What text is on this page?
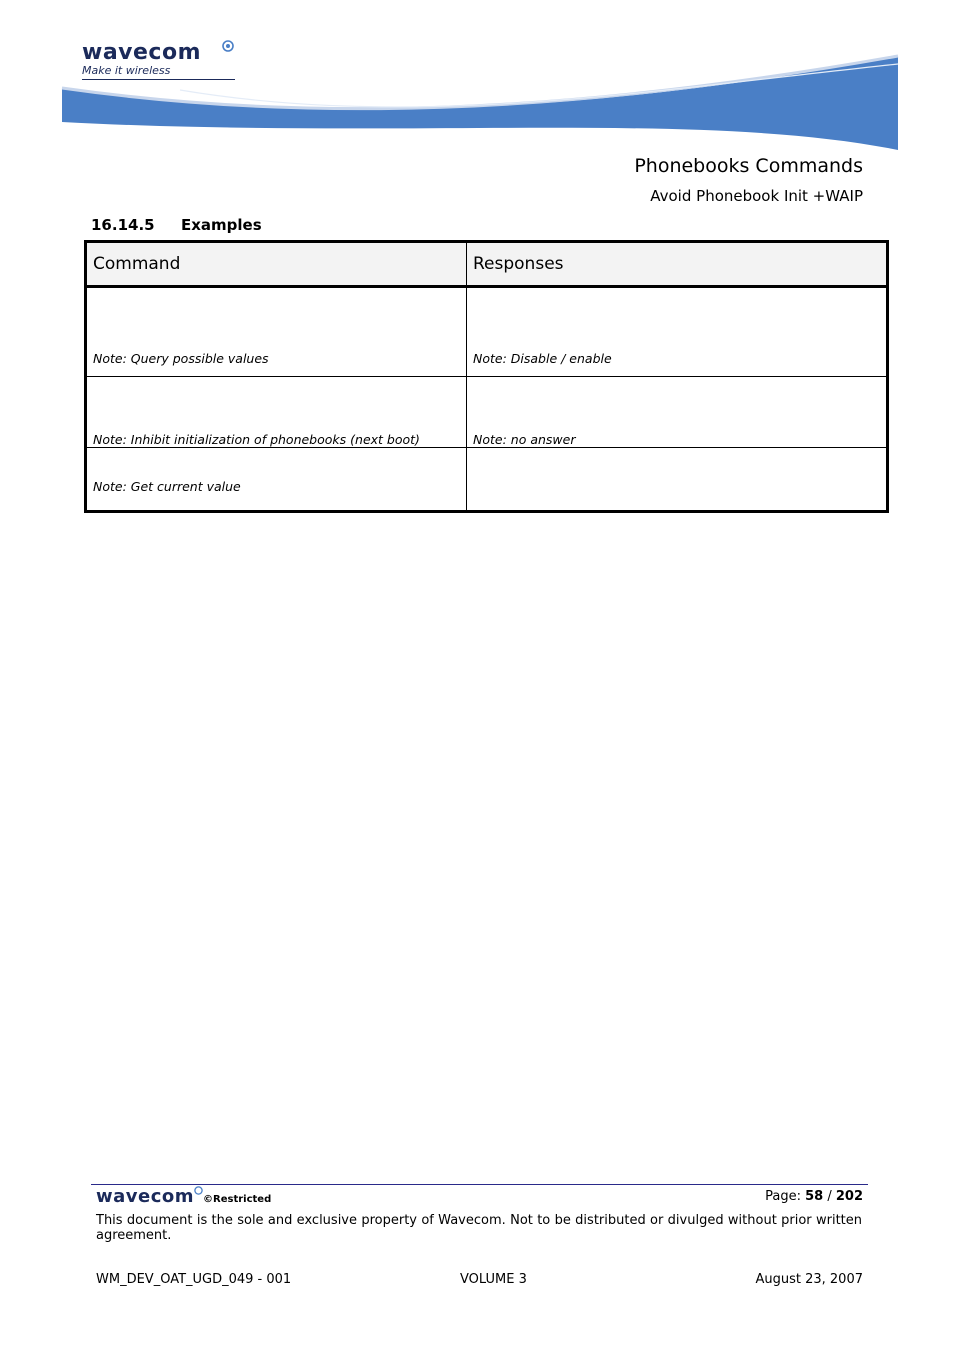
wavecom
Make it wireless
Phonebooks Commands
Avoid Phonebook Init +WAIP
16.14.5 Examples
Command	Responses

Note: Query possible values	Note: Disable / enable

Note: Inhibit initialization of phonebooks (next boot)	Note: no answer

Note: Get current value	

wavecom ©Restricted	Page: 58 / 202
This document is the sole and exclusive property of Wavecom. Not to be distributed or divulged without prior written agreement.
WM_DEV_OAT_UGD_049 - 001	VOLUME 3	August 23, 2007
